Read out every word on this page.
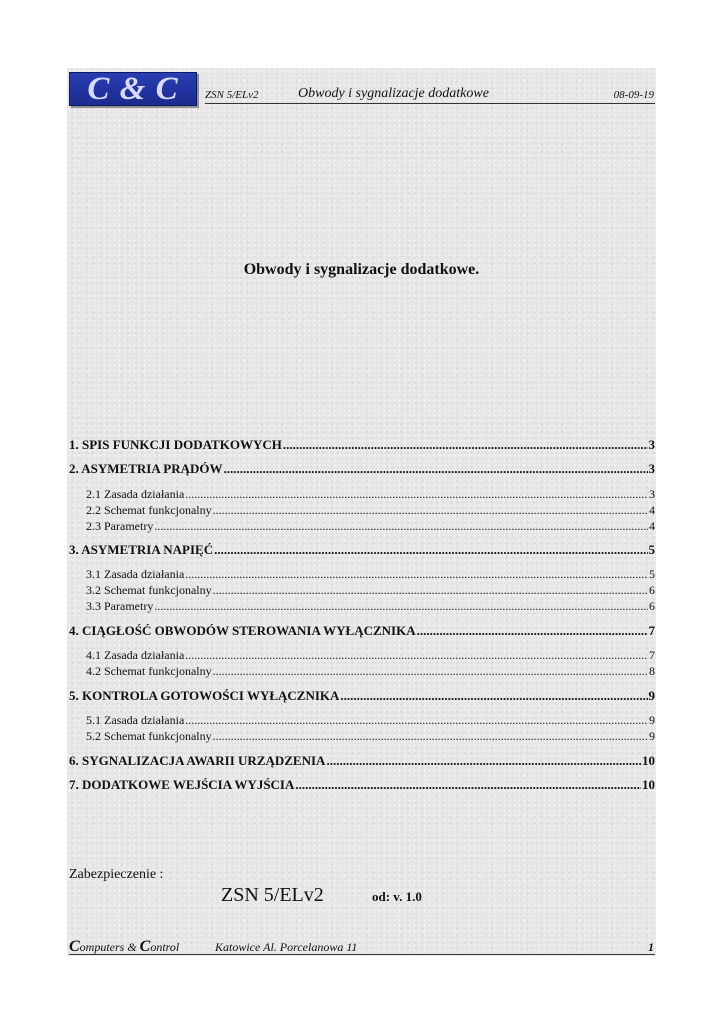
C & C	ZSN 5/ELv2	Obwody i sygnalizacje dodatkowe	08-09-19
Obwody i sygnalizacje dodatkowe.
1. SPIS FUNKCJI DODATKOWYCH .....	3
2. ASYMETRIA PRĄDÓW .....	3
2.1 Zasada działania .....	3
2.2 Schemat funkcjonalny .....	4
2.3 Parametry .....	4
3. ASYMETRIA NAPIĘĆ .....	5
3.1 Zasada działania .....	5
3.2 Schemat funkcjonalny .....	6
3.3 Parametry .....	6
4. CIĄGŁOŚĆ OBWODÓW STEROWANIA WYŁĄCZNIKA .....	7
4.1 Zasada działania .....	7
4.2 Schemat funkcjonalny .....	8
5. KONTROLA GOTOWOŚCI WYŁĄCZNIKA .....	9
5.1 Zasada działania .....	9
5.2 Schemat funkcjonalny .....	9
6. SYGNALIZACJA AWARII URZĄDZENIA .....	10
7. DODATKOWE WEJŚCIA WYJŚCIA .....	10
Zabezpieczenie :
ZSN 5/ELv2	od: v. 1.0
Computers & Control	Katowice Al. Porcelanowa 11	1
